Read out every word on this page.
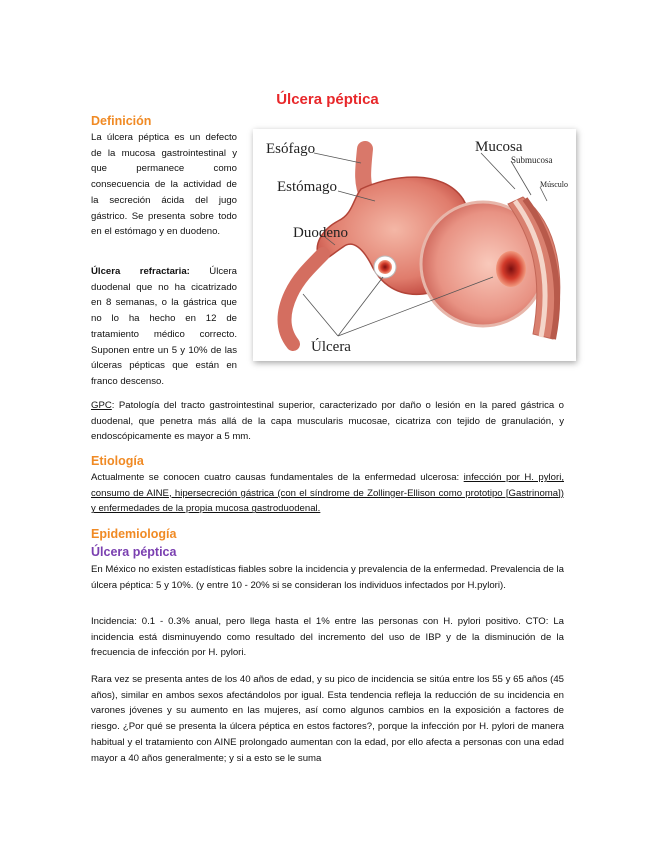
Úlcera péptica
Definición
La úlcera péptica es un defecto de la mucosa gastrointestinal y que permanece como consecuencia de la actividad de la secreción ácida del jugo gástrico. Se presenta sobre todo en el estómago y en duodeno.
Úlcera refractaria: Úlcera duodenal que no ha cicatrizado en 8 semanas, o la gástrica que no lo ha hecho en 12 de tratamiento médico correcto. Suponen entre un 5 y 10% de las úlceras pépticas que están en franco descenso.
Esófago
Estómago
Duodeno
Úlcera
Mucosa
Submucosa
Músculo
GPC: Patología del tracto gastrointestinal superior, caracterizado por daño o lesión en la pared gástrica o duodenal, que penetra más allá de la capa muscularis mucosae, cicatriza con tejido de granulación, y endoscópicamente es mayor a 5 mm.
Etiología
Actualmente se conocen cuatro causas fundamentales de la enfermedad ulcerosa: infección por H. pylori, consumo de AINE, hipersecreción gástrica (con el síndrome de Zollinger-Ellison como prototipo [Gastrinoma]) y enfermedades de la propia mucosa gastroduodenal.
Epidemiología
Úlcera péptica
En México no existen estadísticas fiables sobre la incidencia y prevalencia de la enfermedad. Prevalencia de la úlcera péptica: 5 y 10%. (y entre 10 - 20% si se consideran los individuos infectados por H.pylori).
Incidencia: 0.1 - 0.3% anual, pero llega hasta el 1% entre las personas con H. pylori positivo. CTO: La incidencia está disminuyendo como resultado del incremento del uso de IBP y de la disminución de la frecuencia de infección por H. pylori.
Rara vez se presenta antes de los 40 años de edad, y su pico de incidencia se sitúa entre los 55 y 65 años (45 años), similar en ambos sexos afectándolos por igual. Esta tendencia refleja la reducción de su incidencia en varones jóvenes y su aumento en las mujeres, así como algunos cambios en la exposición a factores de riesgo. ¿Por qué se presenta la úlcera péptica en estos factores?, porque la infección por H. pylori de manera habitual y el tratamiento con AINE prolongado aumentan con la edad, por ello afecta a personas con una edad mayor a 40 años generalmente; y si a esto se le suma
